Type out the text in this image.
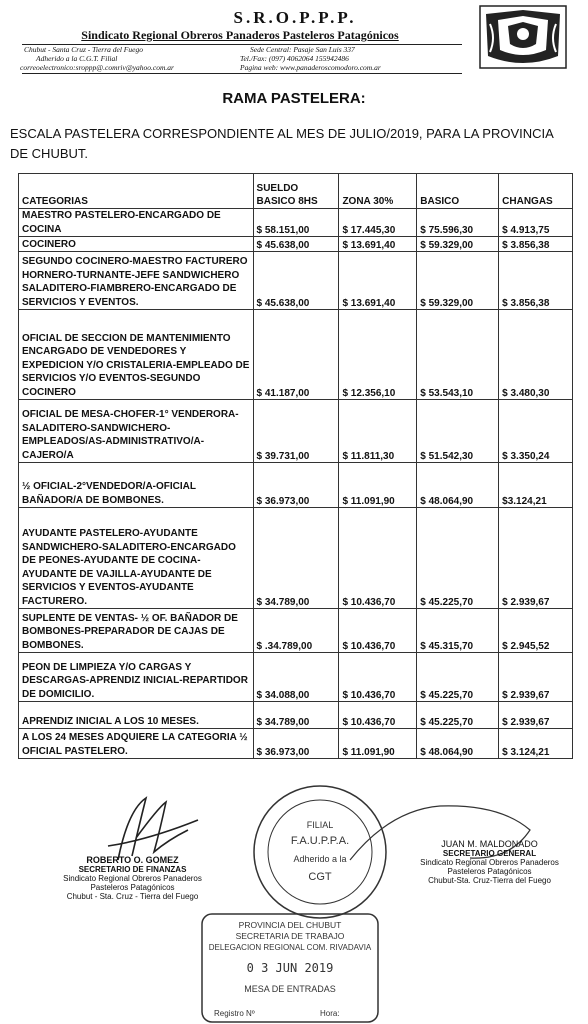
S.R.O.P.P.P.
Sindicato Regional Obreros Panaderos Pasteleros Patagónicos
Chubut - Santa Cruz - Tierra del Fuego
Adherido a la C.G.T. Filial
correoelectronico:sroppp@.comriv@yahoo.com.ar
Sede Central: Pasaje San Luis 337
Tel./Fax: (097) 4062064 155942486
Pagina web: www.panaderoscomodoro.com.ar
RAMA PASTELERA:
ESCALA PASTELERA CORRESPONDIENTE AL MES DE JULIO/2019, PARA LA PROVINCIA DE CHUBUT.
CATEGORIAS	SUELDO BASICO 8HS	ZONA 30%	BASICO	CHANGAS
MAESTRO PASTELERO-ENCARGADO DE COCINA	$ 58.151,00	$ 17.445,30	$ 75.596,30	$ 4.913,75
COCINERO	$ 45.638,00	$ 13.691,40	$ 59.329,00	$ 3.856,38
SEGUNDO COCINERO-MAESTRO FACTURERO HORNERO-TURNANTE-JEFE SANDWICHERO SALADITERO-FIAMBRERO-ENCARGADO DE SERVICIOS Y EVENTOS.	$ 45.638,00	$ 13.691,40	$ 59.329,00	$ 3.856,38
OFICIAL DE SECCION DE MANTENIMIENTO ENCARGADO DE VENDEDORES Y EXPEDICION Y/O CRISTALERIA-EMPLEADO DE SERVICIOS Y/O EVENTOS-SEGUNDO COCINERO	$ 41.187,00	$ 12.356,10	$ 53.543,10	$ 3.480,30
OFICIAL DE MESA-CHOFER-1° VENDERORA-SALADITERO-SANDWICHERO-EMPLEADOS/AS-ADMINISTRATIVO/A-CAJERO/A	$ 39.731,00	$ 11.811,30	$ 51.542,30	$ 3.350,24
½ OFICIAL-2°VENDEDOR/A-OFICIAL BAÑADOR/A DE BOMBONES.	$ 36.973,00	$ 11.091,90	$ 48.064,90	$3.124,21
AYUDANTE PASTELERO-AYUDANTE SANDWICHERO-SALADITERO-ENCARGADO DE PEONES-AYUDANTE DE COCINA-AYUDANTE DE VAJILLA-AYUDANTE DE SERVICIOS Y EVENTOS-AYUDANTE FACTURERO.	$ 34.789,00	$ 10.436,70	$ 45.225,70	$ 2.939,67
SUPLENTE DE VENTAS- ½ OF. BAÑADOR DE BOMBONES-PREPARADOR DE CAJAS DE BOMBONES.	$ .34.789,00	$ 10.436,70	$ 45.315,70	$ 2.945,52
PEON DE LIMPIEZA Y/O CARGAS Y DESCARGAS-APRENDIZ INICIAL-REPARTIDOR DE DOMICILIO.	$ 34.088,00	$ 10.436,70	$ 45.225,70	$ 2.939,67
APRENDIZ INICIAL A LOS 10 MESES.	$ 34.789,00	$ 10.436,70	$ 45.225,70	$ 2.939,67
A LOS 24 MESES ADQUIERE LA CATEGORIA ½ OFICIAL PASTELERO.	$ 36.973,00	$ 11.091,90	$ 48.064,90	$ 3.124,21
ROBERTO O. GOMEZ
SECRETARIO DE FINANZAS
Sindicato Regional Obreros Panaderos
Pasteleros Patagónicos
Chubut - Sta. Cruz - Tierra del Fuego
FILIAL
F.A.U.P.P.A.
Adherido a la
CGT
JUAN M. MALDONADO
SECRETARIO GENERAL
Sindicato Regional Obreros Panaderos
Pasteleros Patagónicos
Chubut-Sta. Cruz-Tierra del Fuego
PROVINCIA DEL CHUBUT
SECRETARIA DE TRABAJO
DELEGACION REGIONAL COM. RIVADAVIA
0 3 JUN 2019
MESA DE ENTRADAS
Registro Nº	Hora:
